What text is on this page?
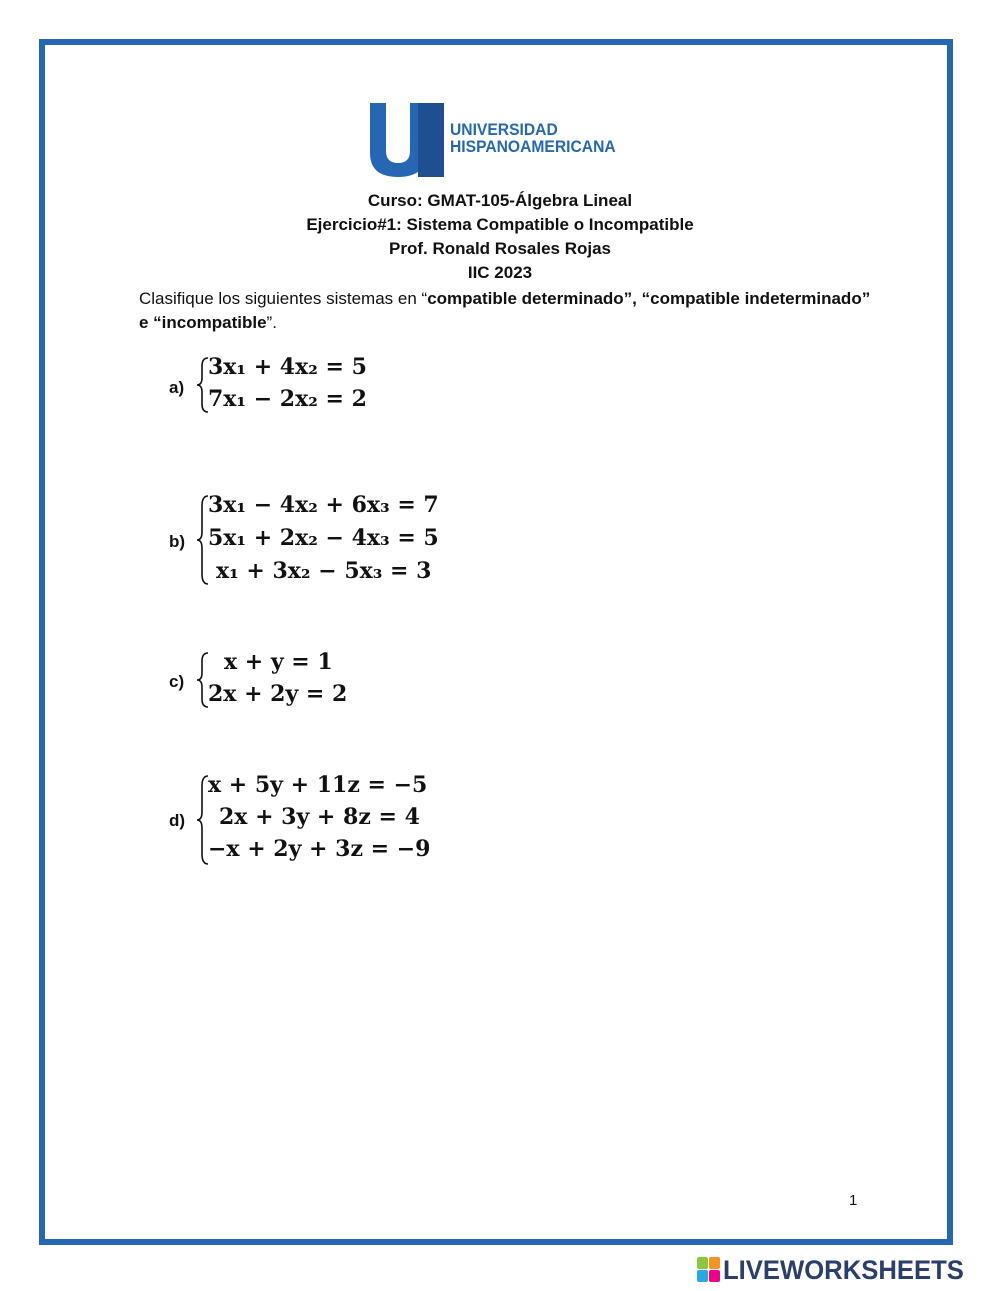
UNIVERSIDAD
HISPANOAMERICANA
Curso: GMAT-105-Álgebra Lineal
Ejercicio#1: Sistema Compatible o Incompatible
Prof. Ronald Rosales Rojas
IIC 2023
Clasifique los siguientes sistemas en “compatible determinado”, “compatible indeterminado” e “incompatible”.
a)
3x₁ + 4x₂ = 5
7x₁ − 2x₂ = 2
b)
3x₁ − 4x₂ + 6x₃ = 7
5x₁ + 2x₂ − 4x₃ = 5
x₁ + 3x₂ − 5x₃ = 3
c)
x + y = 1
2x + 2y = 2
d)
x + 5y + 11z = −5
2x + 3y + 8z = 4
−x + 2y + 3z = −9
1
LIVEWORKSHEETS
